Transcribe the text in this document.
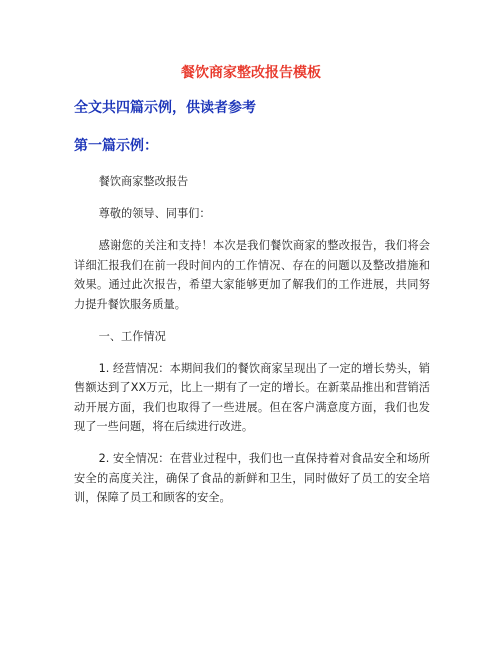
餐饮商家整改报告模板
全文共四篇示例，供读者参考
第一篇示例：

餐饮商家整改报告

尊敬的领导、同事们：

感谢您的关注和支持！本次是我们餐饮商家的整改报告，我们将会详细汇报我们在前一段时间内的工作情况、存在的问题以及整改措施和效果。通过此次报告，希望大家能够更加了解我们的工作进展，共同努力提升餐饮服务质量。

一、工作情况

1. 经营情况：本期间我们的餐饮商家呈现出了一定的增长势头，销售额达到了XX万元，比上一期有了一定的增长。在新菜品推出和营销活动开展方面，我们也取得了一些进展。但在客户满意度方面，我们也发现了一些问题，将在后续进行改进。

2. 安全情况：在营业过程中，我们也一直保持着对食品安全和场所安全的高度关注，确保了食品的新鲜和卫生，同时做好了员工的安全培训，保障了员工和顾客的安全。
